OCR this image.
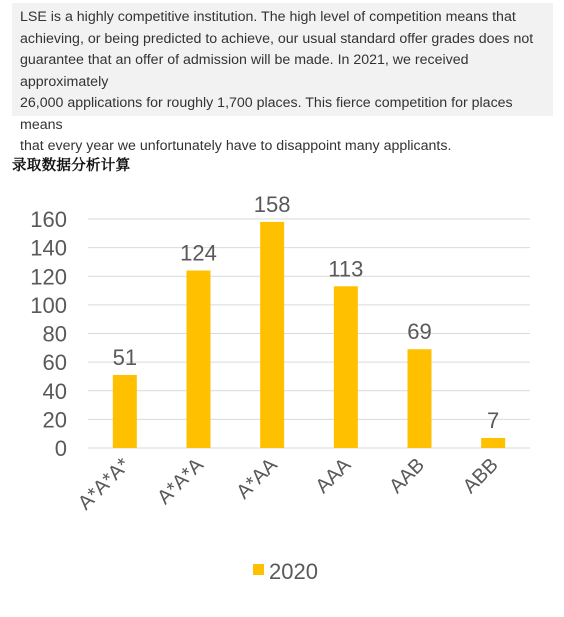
LSE is a highly competitive institution. The high level of competition means that
achieving, or being predicted to achieve, our usual standard offer grades does not
guarantee that an offer of admission will be made. In 2021, we received approximately
26,000 applications for roughly 1,700 places. This fierce competition for places means
that every year we unfortunately have to disappoint many applicants.

录取数据分析计算
0
20
40
60
80
100
120
140
160
51
124
158
113
69
7
A*A*A* A*A*A A*AA AAA AAB ABB
2020
